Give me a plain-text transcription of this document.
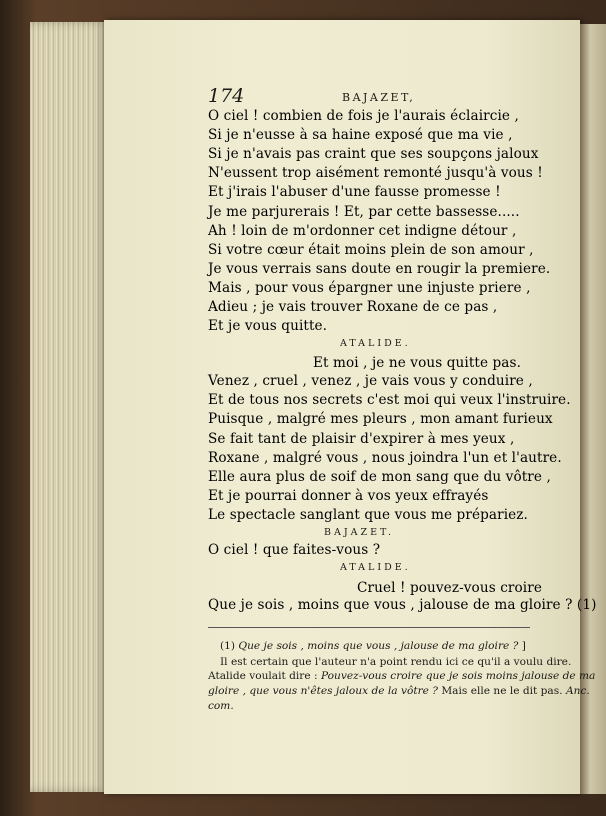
174	BAJAZET,
O ciel ! combien de fois je l'aurais éclaircie ,
Si je n'eusse à sa haine exposé que ma vie ,
Si je n'avais pas craint que ses soupçons jaloux
N'eussent trop aisément remonté jusqu'à vous !
Et j'irais l'abuser d'une fausse promesse !
Je me parjurerais ! Et, par cette bassesse.....
Ah ! loin de m'ordonner cet indigne détour ,
Si votre cœur était moins plein de son amour ,
Je vous verrais sans doute en rougir la premiere.
Mais , pour vous épargner une injuste priere ,
Adieu ; je vais trouver Roxane de ce pas ,
Et je vous quitte.
ATALIDE.
Et moi , je ne vous quitte pas.
Venez , cruel , venez , je vais vous y conduire ,
Et de tous nos secrets c'est moi qui veux l'instruire.
Puisque , malgré mes pleurs , mon amant furieux
Se fait tant de plaisir d'expirer à mes yeux ,
Roxane , malgré vous , nous joindra l'un et l'autre.
Elle aura plus de soif de mon sang que du vôtre ,
Et je pourrai donner à vos yeux effrayés
Le spectacle sanglant que vous me prépariez.
BAJAZET.
O ciel ! que faites-vous ?
ATALIDE.
Cruel ! pouvez-vous croire
Que je sois , moins que vous , jalouse de ma gloire ? (1)
(1) Que je sois , moins que vous , jalouse de ma gloire ? ]
Il est certain que l'auteur n'a point rendu ici ce qu'il a voulu dire.
Atalide voulait dire : Pouvez-vous croire que je sois moins jalouse de ma
gloire , que vous n'êtes jaloux de la vôtre ? Mais elle ne le dit pas. Anc.
com.
